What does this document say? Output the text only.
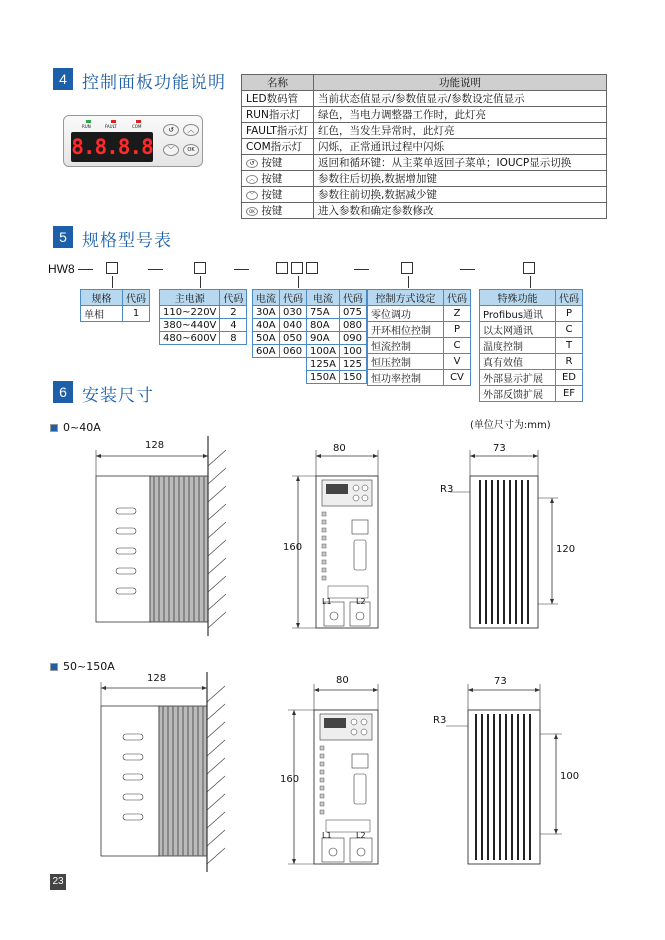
4 控制面板功能说明
RUN	FAULT	COM
8.8.8.8
↺	︿
﹀	OK
名称	功能说明
LED数码管	当前状态值显示/参数值显示/参数设定值显示
RUN指示灯	绿色，当电力调整器工作时，此灯亮
FAULT指示灯	红色，当发生异常时，此灯亮
COM指示灯	闪烁，正常通讯过程中闪烁
↺ 按键	返回和循环键：从主菜单返回子菜单；IOUCP显示切换
︿ 按键	参数往后切换,数据增加键
﹀ 按键	参数往前切换,数据减少键
OK 按键	进入参数和确定参数修改
5 规格型号表
HW8
规格	代码
单相	1
主电源	代码
110~220V	2
380~440V	4
480~600V	8
电流	代码	电流	代码
30A	030	75A	075
40A	040	80A	080
50A	050	90A	090
60A	060	100A	100
		125A	125
		150A	150
控制方式设定	代码
零位调功	Z
开环相位控制	P
恒流控制	C
恒压控制	V
恒功率控制	CV
特殊功能	代码
Profibus通讯	P
以太网通讯	C
温度控制	T
真有效值	R
外部显示扩展	ED
外部反馈扩展	EF
6 安装尺寸
(单位尺寸为:mm)
0~40A
128	80
160
L1	L2
73
R3
120
50~150A
128	80
160
L1	L2
73
R3
100
23
